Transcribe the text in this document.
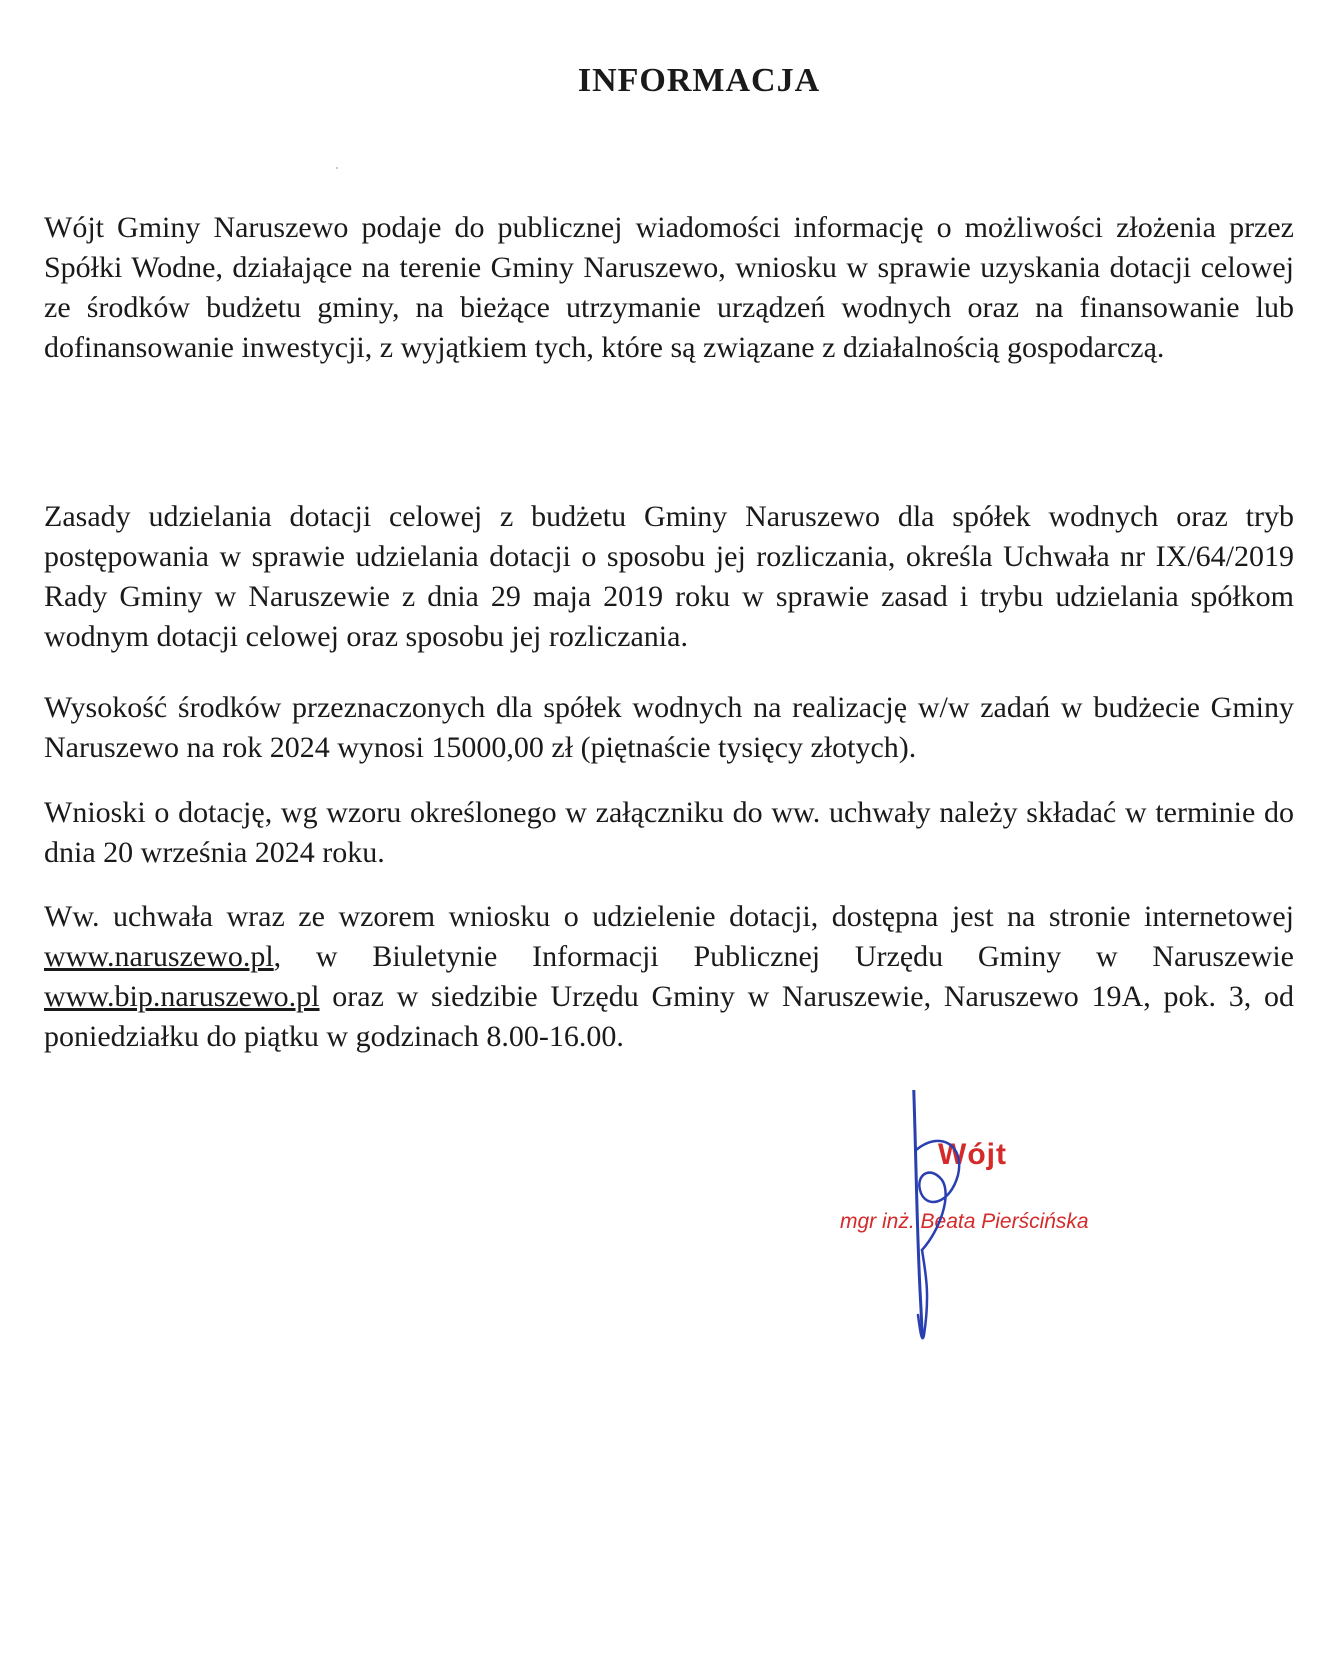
INFORMACJA

Wójt Gminy Naruszewo podaje do publicznej wiadomości informację o możliwości złożenia przez Spółki Wodne, działające na terenie Gminy Naruszewo, wniosku w sprawie uzyskania dotacji celowej ze środków budżetu gminy, na bieżące utrzymanie urządzeń wodnych oraz na finansowanie lub dofinansowanie inwestycji, z wyjątkiem tych, które są związane z działalnością gospodarczą.

Zasady udzielania dotacji celowej z budżetu Gminy Naruszewo dla spółek wodnych oraz tryb postępowania w sprawie udzielania dotacji o sposobu jej rozliczania, określa Uchwała nr IX/64/2019 Rady Gminy w Naruszewie z dnia 29 maja 2019 roku w sprawie zasad i trybu udzielania spółkom wodnym dotacji celowej oraz sposobu jej rozliczania.

Wysokość środków przeznaczonych dla spółek wodnych na realizację w/w zadań w budżecie Gminy Naruszewo na rok 2024 wynosi 15000,00 zł (piętnaście tysięcy złotych).

Wnioski o dotację, wg wzoru określonego w załączniku do ww. uchwały należy składać w terminie do dnia 20 września 2024 roku.

Ww. uchwała wraz ze wzorem wniosku o udzielenie dotacji, dostępna jest na stronie internetowej www.naruszewo.pl, w Biuletynie Informacji Publicznej Urzędu Gminy w Naruszewie www.bip.naruszewo.pl oraz w siedzibie Urzędu Gminy w Naruszewie, Naruszewo 19A, pok. 3, od poniedziałku do piątku w godzinach 8.00-16.00.

Wójt
mgr inż. Beata Pierścińska
